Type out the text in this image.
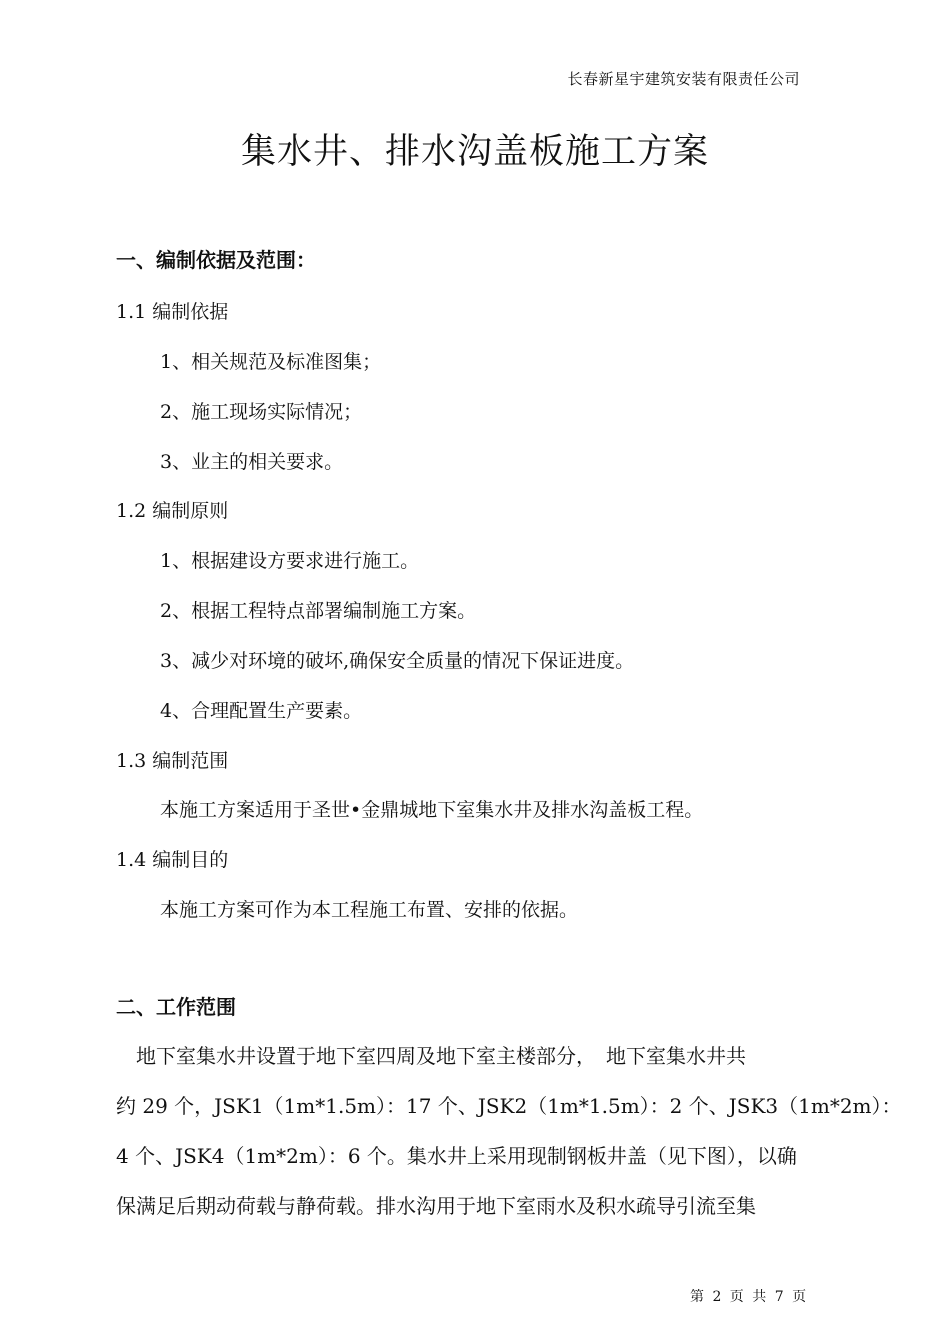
长春新星宇建筑安装有限责任公司
集水井、排水沟盖板施工方案
一、编制依据及范围：

1.1 编制依据

1、相关规范及标准图集；

2、施工现场实际情况；

3、业主的相关要求。

1.2 编制原则

1、根据建设方要求进行施工。

2、根据工程特点部署编制施工方案。

3、减少对环境的破坏,确保安全质量的情况下保证进度。

4、合理配置生产要素。

1.3 编制范围

本施工方案适用于圣世•金鼎城地下室集水井及排水沟盖板工程。

1.4 编制目的

本施工方案可作为本工程施工布置、安排的依据。

二、工作范围
　地下室集水井设置于地下室四周及地下室主楼部分，　地下室集水井共
约 29 个，JSK1（1m*1.5m）：17 个、JSK2（1m*1.5m）：2 个、JSK3（1m*2m）：
4 个、JSK4（1m*2m）：6 个。集水井上采用现制钢板井盖（见下图），以确
保满足后期动荷载与静荷载。排水沟用于地下室雨水及积水疏导引流至集
第 2 页 共 7 页
